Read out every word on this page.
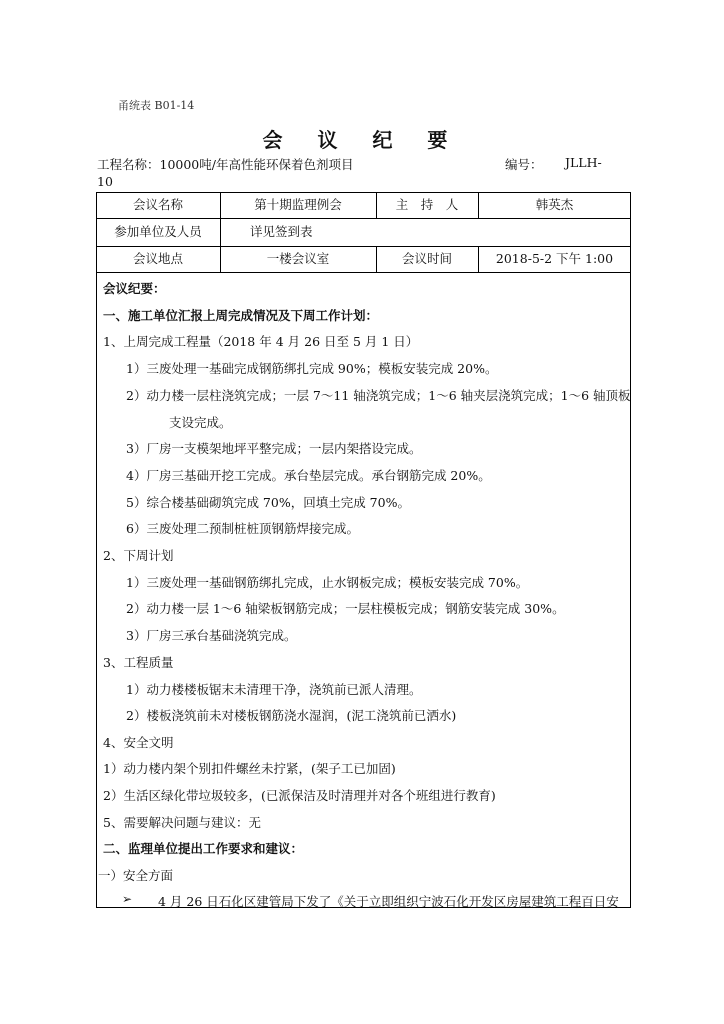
甬统表 B01-14
会 议 纪 要
工程名称：10000吨/年高性能环保着色剂项目	编号： JLLH-
10
会议名称	第十期监理例会	主　持　人	韩英杰
参加单位及人员	详见签到表
会议地点	一楼会议室	会议时间	2018-5-2 下午 1:00
会议纪要：
一、施工单位汇报上周完成情况及下周工作计划：
1、上周完成工程量（2018 年 4 月 26 日至 5 月 1 日）
1）三废处理一基础完成钢筋绑扎完成 90%；模板安装完成 20%。
2）动力楼一层柱浇筑完成；一层 7～11 轴浇筑完成；1～6 轴夹层浇筑完成；1～6 轴顶板
支设完成。
3）厂房一支模架地坪平整完成；一层内架搭设完成。
4）厂房三基础开挖工完成。承台垫层完成。承台钢筋完成 20%。
5）综合楼基础砌筑完成 70%，回填土完成 70%。
6）三废处理二预制桩桩顶钢筋焊接完成。
2、下周计划
1）三废处理一基础钢筋绑扎完成，止水钢板完成；模板安装完成 70%。
2）动力楼一层 1～6 轴梁板钢筋完成；一层柱模板完成；钢筋安装完成 30%。
3）厂房三承台基础浇筑完成。
3、工程质量
1）动力楼楼板锯末未清理干净，浇筑前已派人清理。
2）楼板浇筑前未对楼板钢筋浇水湿润，(泥工浇筑前已洒水)
4、安全文明
1）动力楼内架个别扣件螺丝未拧紧，(架子工已加固)
2）生活区绿化带垃圾较多，(已派保洁及时清理并对各个班组进行教育)
5、需要解决问题与建议：无
二、监理单位提出工作要求和建议：
一）安全方面
➢ 4 月 26 日石化区建管局下发了《关于立即组织宁波石化开发区房屋建筑工程百日安
